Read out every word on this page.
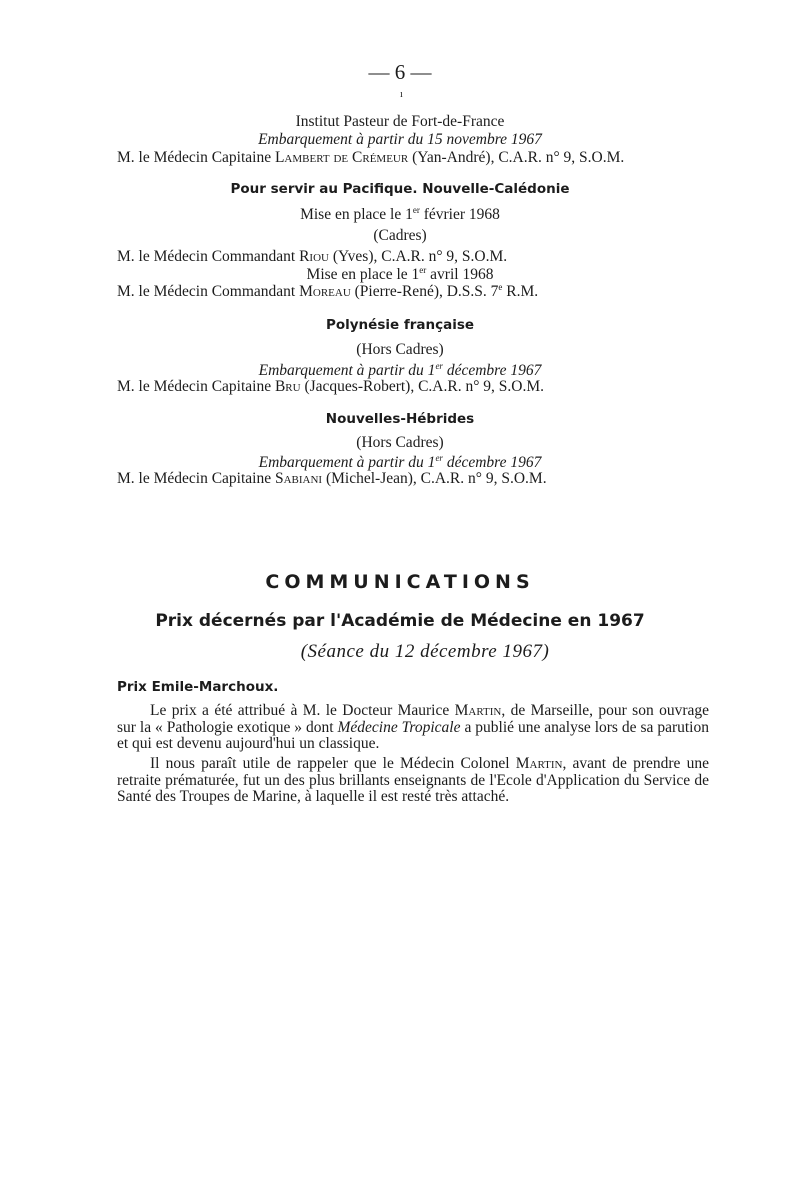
— 6 —
ı
Institut Pasteur de Fort-de-France
Embarquement à partir du 15 novembre 1967
M. le Médecin Capitaine Lambert de Crémeur (Yan-André), C.A.R. n° 9, S.O.M.
Pour servir au Pacifique. Nouvelle-Calédonie
Mise en place le 1er février 1968
(Cadres)
M. le Médecin Commandant Riou (Yves), C.A.R. n° 9, S.O.M.
Mise en place le 1er avril 1968
M. le Médecin Commandant Moreau (Pierre-René), D.S.S. 7e R.M.
Polynésie française
(Hors Cadres)
Embarquement à partir du 1er décembre 1967
M. le Médecin Capitaine Bru (Jacques-Robert), C.A.R. n° 9, S.O.M.
Nouvelles-Hébrides
(Hors Cadres)
Embarquement à partir du 1er décembre 1967
M. le Médecin Capitaine Sabiani (Michel-Jean), C.A.R. n° 9, S.O.M.
COMMUNICATIONS
Prix décernés par l'Académie de Médecine en 1967
(Séance du 12 décembre 1967)
Prix Emile-Marchoux.
Le prix a été attribué à M. le Docteur Maurice Martin, de Marseille, pour son ouvrage sur la « Pathologie exotique » dont Médecine Tropicale a publié une analyse lors de sa parution et qui est devenu aujourd'hui un classique.
Il nous paraît utile de rappeler que le Médecin Colonel Martin, avant de prendre une retraite prématurée, fut un des plus brillants enseignants de l'Ecole d'Application du Service de Santé des Troupes de Marine, à laquelle il est resté très attaché.
